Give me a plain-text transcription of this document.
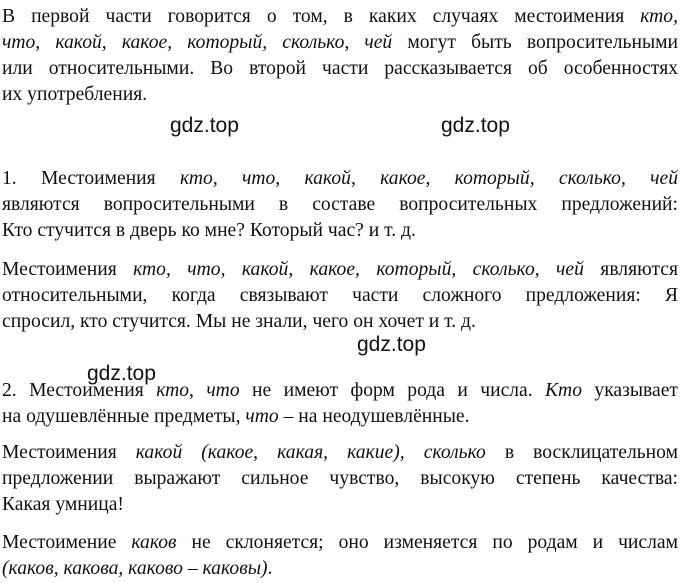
В первой части говорится о том, в каких случаях местоимения кто,
что, какой, какое, который, сколько, чей могут быть вопросительными
или относительными. Во второй части рассказывается об особенностях
их употребления.
1. Местоимения кто, что, какой, какое, который, сколько, чей
являются вопросительными в составе вопросительных предложений:
Кто стучится в дверь ко мне? Который час? и т. д.
Местоимения кто, что, какой, какое, который, сколько, чей являются
относительными, когда связывают части сложного предложения: Я
спросил, кто стучится. Мы не знали, чего он хочет и т. д.
2. Местоимения кто, что не имеют форм рода и числа. Кто указывает
на одушевлённые предметы, что – на неодушевлённые.
Местоимения какой (какое, какая, какие), сколько в восклицательном
предложении выражают сильное чувство, высокую степень качества:
Какая умница!
Местоимение каков не склоняется; оно изменяется по родам и числам
(каков, какова, каково – каковы).
gdz.top	gdz.top
gdz.top
gdz.top
